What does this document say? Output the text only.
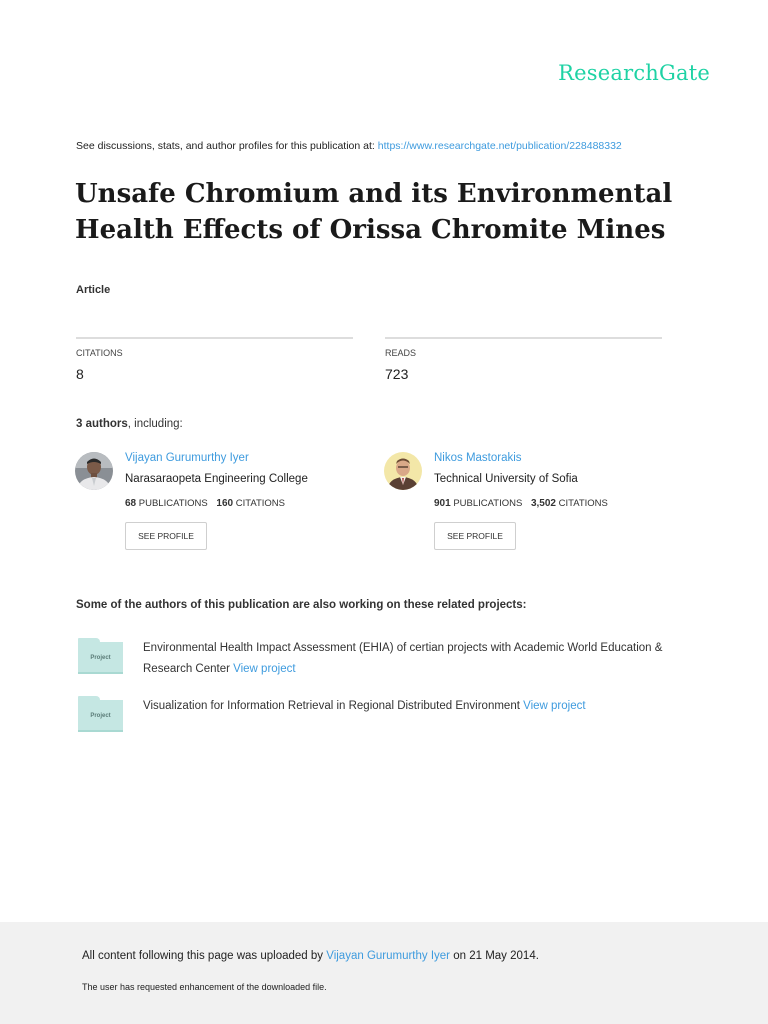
ResearchGate
See discussions, stats, and author profiles for this publication at: https://www.researchgate.net/publication/228488332
Unsafe Chromium and its Environmental Health Effects of Orissa Chromite Mines
Article
CITATIONS
8
READS
723
3 authors, including:
Vijayan Gurumurthy Iyer
Narasaraopeta Engineering College
68 PUBLICATIONS 160 CITATIONS
SEE PROFILE
Nikos Mastorakis
Technical University of Sofia
901 PUBLICATIONS 3,502 CITATIONS
SEE PROFILE
Some of the authors of this publication are also working on these related projects:
Project
Environmental Health Impact Assessment (EHIA) of certian projects with Academic World Education & Research Center View project
Project
Visualization for Information Retrieval in Regional Distributed Environment View project
All content following this page was uploaded by Vijayan Gurumurthy Iyer on 21 May 2014.
The user has requested enhancement of the downloaded file.
